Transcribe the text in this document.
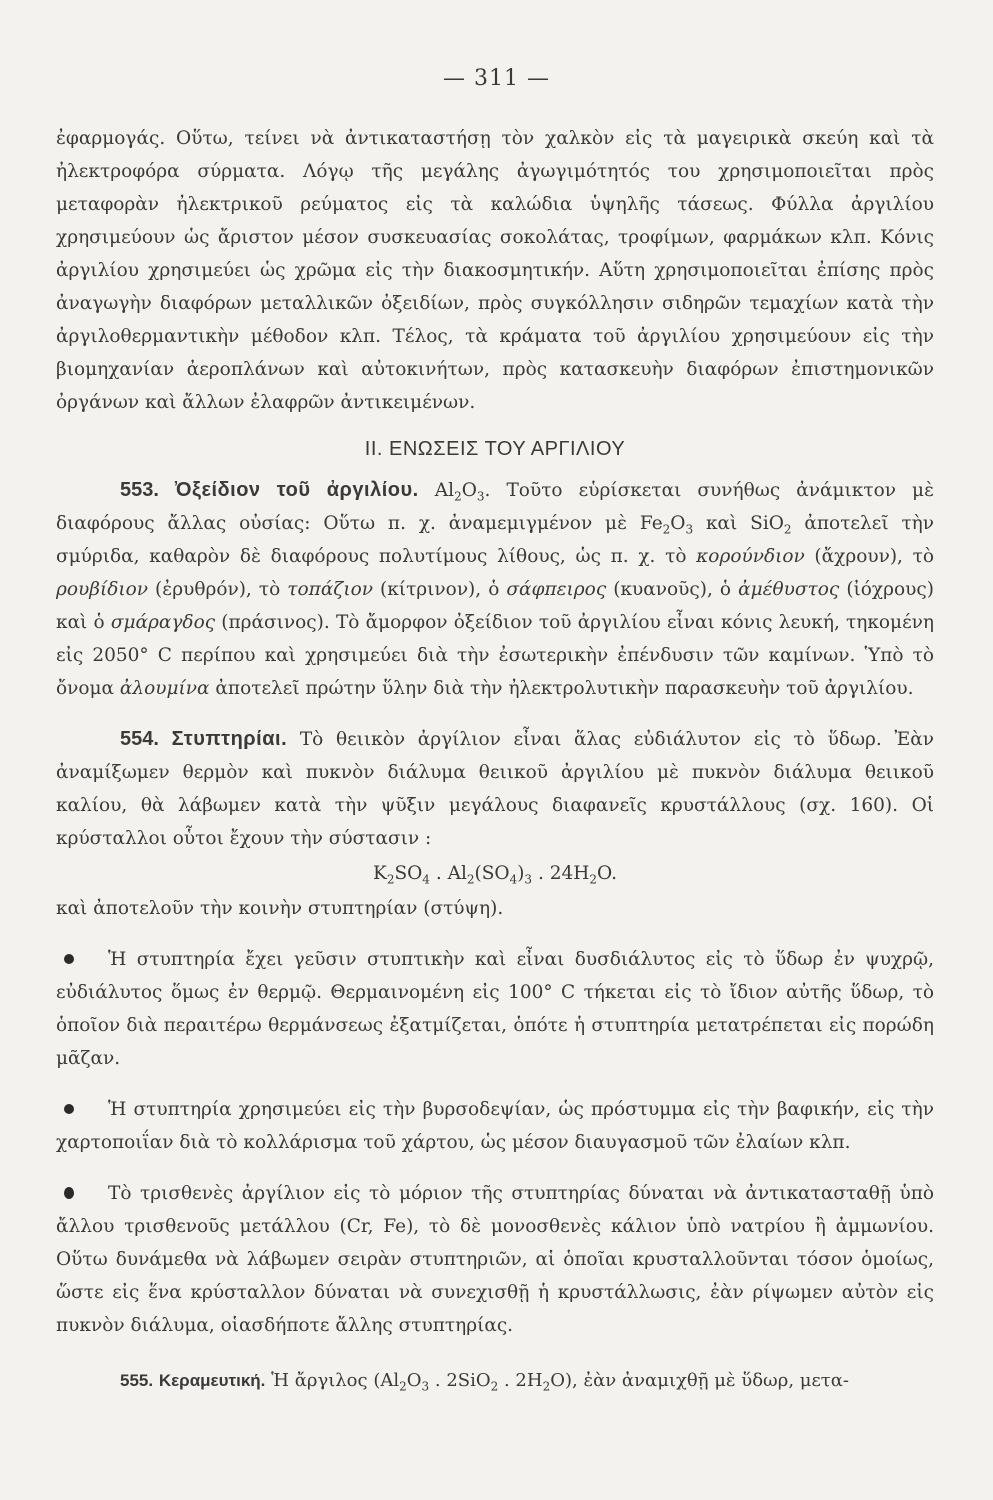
— 311 —

ἐφαρμογάς. Οὕτω, τείνει νὰ ἀντικαταστήσῃ τὸν χαλκὸν εἰς τὰ μαγειρικὰ σκεύη καὶ τὰ ἠλεκτροφόρα σύρματα. Λόγῳ τῆς μεγάλης ἀγωγιμότητός του χρησιμοποιεῖται πρὸς μεταφορὰν ἠλεκτρικοῦ ρεύματος εἰς τὰ καλώδια ὑψηλῆς τάσεως. Φύλλα ἀργιλίου χρησιμεύουν ὡς ἄριστον μέσον συσκευασίας σοκολάτας, τροφίμων, φαρμάκων κλπ. Κόνις ἀργιλίου χρησιμεύει ὡς χρῶμα εἰς τὴν διακοσμητικήν. Αὕτη χρησιμοποιεῖται ἐπίσης πρὸς ἀναγωγὴν διαφόρων μεταλλικῶν ὀξειδίων, πρὸς συγκόλλησιν σιδηρῶν τεμαχίων κατὰ τὴν ἀργιλοθερμαντικὴν μέθοδον κλπ. Τέλος, τὰ κράματα τοῦ ἀργιλίου χρησιμεύουν εἰς τὴν βιομηχανίαν ἀεροπλάνων καὶ αὐτοκινήτων, πρὸς κατασκευὴν διαφόρων ἐπιστημονικῶν ὀργάνων καὶ ἄλλων ἐλαφρῶν ἀντικειμένων.

ΙΙ. ΕΝΩΣΕΙΣ ΤΟΥ ΑΡΓΙΛΙΟΥ

553. Ὀξείδιον τοῦ ἀργιλίου. $Al_2O_3$. Τοῦτο εὑρίσκεται συνήθως ἀνάμικτον μὲ διαφόρους ἄλλας οὐσίας: Οὕτω π. χ. ἀναμεμιγμένον μὲ $Fe_2O_3$ καὶ SiO$_2$ ἀποτελεῖ τὴν σμύριδα, καθαρὸν δὲ διαφόρους πολυτίμους λίθους, ὡς π. χ. τὸ κορούνδιον (ἄχρουν), τὸ ρουβίδιον (ἐρυθρόν), τὸ τοπάζιον (κίτρινον), ὁ σάφπειρος (κυανοῦς), ὁ ἀμέθυστος (ἰόχρους) καὶ ὁ σμάραγδος (πράσινος). Τὸ ἄμορφον ὀξείδιον τοῦ ἀργιλίου εἶναι κόνις λευκή, τηκομένη εἰς 2050° C περίπου καὶ χρησιμεύει διὰ τὴν ἐσωτερικὴν ἐπένδυσιν τῶν καμίνων. Ὑπὸ τὸ ὄνομα ἀλουμίνα ἀποτελεῖ πρώτην ὕλην διὰ τὴν ἠλεκτρολυτικὴν παρασκευὴν τοῦ ἀργιλίου.

554. Στυπτηρίαι. Τὸ θειικὸν ἀργίλιον εἶναι ἅλας εὐδιάλυτον εἰς τὸ ὕδωρ. Ἐὰν ἀναμίξωμεν θερμὸν καὶ πυκνὸν διάλυμα θειικοῦ ἀργιλίου μὲ πυκνὸν διάλυμα θειικοῦ καλίου, θὰ λάβωμεν κατὰ τὴν ψῦξιν μεγάλους διαφανεῖς κρυστάλλους (σχ. 160). Οἱ κρύσταλλοι οὗτοι ἔχουν τὴν σύστασιν :

$K_2SO_4$ . $Al_2(SO_4)_3$ . $24H_2O$.

καὶ ἀποτελοῦν τὴν κοινὴν στυπτηρίαν (στύψη).

Ἡ στυπτηρία ἔχει γεῦσιν στυπτικὴν καὶ εἶναι δυσδιάλυτος εἰς τὸ ὕδωρ ἐν ψυχρῷ, εὐδιάλυτος ὅμως ἐν θερμῷ. Θερμαινομένη εἰς 100° C τήκεται εἰς τὸ ἴδιον αὐτῆς ὕδωρ, τὸ ὁποῖον διὰ περαιτέρω θερμάνσεως ἐξατμίζεται, ὁπότε ἡ στυπτηρία μετατρέπεται εἰς πορώδη μᾶζαν.

Ἡ στυπτηρία χρησιμεύει εἰς τὴν βυρσοδεψίαν, ὡς πρόστυμμα εἰς τὴν βαφικήν, εἰς τὴν χαρτοποιΐαν διὰ τὸ κολλάρισμα τοῦ χάρτου, ὡς μέσον διαυγασμοῦ τῶν ἐλαίων κλπ.

Τὸ τρισθενὲς ἀργίλιον εἰς τὸ μόριον τῆς στυπτηρίας δύναται νὰ ἀντικατασταθῇ ὑπὸ ἄλλου τρισθενοῦς μετάλλου (Cr, Fe), τὸ δὲ μονοσθενὲς κάλιον ὑπὸ νατρίου ἢ ἀμμωνίου. Οὕτω δυνάμεθα νὰ λάβωμεν σειρὰν στυπτηριῶν, αἱ ὁποῖαι κρυσταλλοῦνται τόσον ὁμοίως, ὥστε εἰς ἕνα κρύσταλλον δύναται νὰ συνεχισθῇ ἡ κρυστάλλωσις, ἐὰν ρίψωμεν αὐτὸν εἰς πυκνὸν διάλυμα, οἱασδήποτε ἄλλης στυπτηρίας.

555. Κεραμευτική. Ἡ ἄργιλος ($Al_2O_3$ . 2SiO$_2$ . $2H_2O$), ἐὰν ἀναμιχθῇ μὲ ὕδωρ, μετα-
